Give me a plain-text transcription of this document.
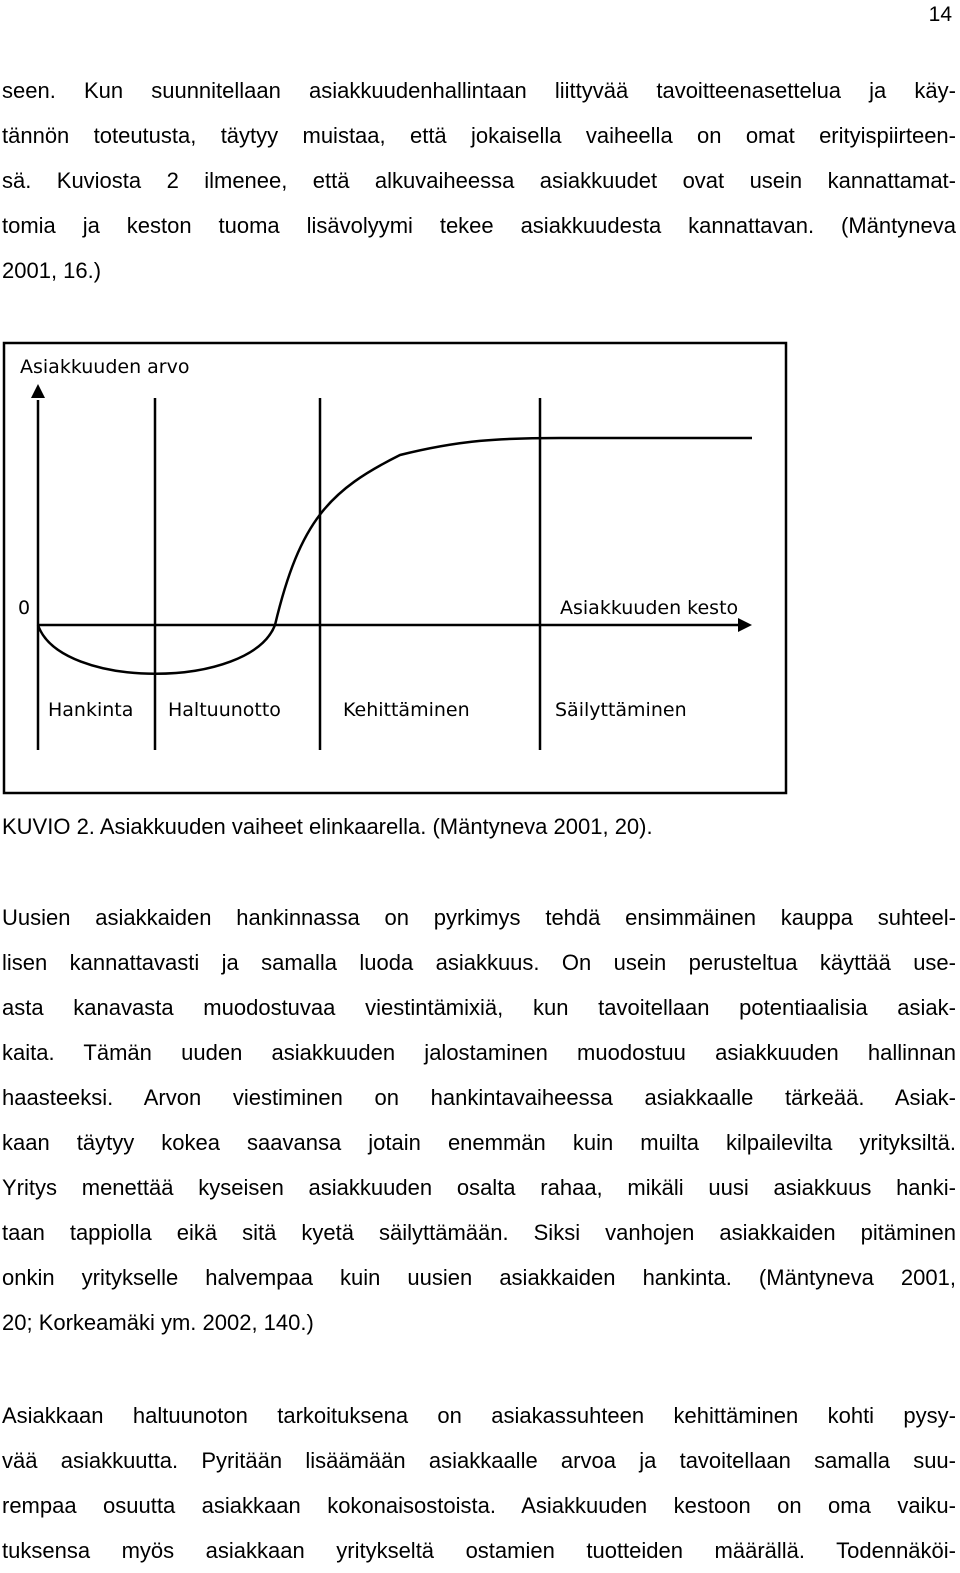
14
seen. Kun suunnitellaan asiakkuudenhallintaan liittyvää tavoitteenasettelua ja käy-
tännön toteutusta, täytyy muistaa, että jokaisella vaiheella on omat erityispiirteen-
sä. Kuviosta 2 ilmenee, että alkuvaiheessa asiakkuudet ovat usein kannattamat-
tomia ja keston tuoma lisävolyymi tekee asiakkuudesta kannattavan. (Mäntyneva
2001, 16.)
Asiakkuuden arvo
0	Asiakkuuden kesto
Hankinta Haltuunotto	Kehittäminen	Säilyttäminen
KUVIO 2. Asiakkuuden vaiheet elinkaarella. (Mäntyneva 2001, 20).
Uusien asiakkaiden hankinnassa on pyrkimys tehdä ensimmäinen kauppa suhteel-
lisen kannattavasti ja samalla luoda asiakkuus. On usein perusteltua käyttää use-
asta kanavasta muodostuvaa viestintämixiä, kun tavoitellaan potentiaalisia asiak-
kaita. Tämän uuden asiakkuuden jalostaminen muodostuu asiakkuuden hallinnan
haasteeksi. Arvon viestiminen on hankintavaiheessa asiakkaalle tärkeää. Asiak-
kaan täytyy kokea saavansa jotain enemmän kuin muilta kilpailevilta yrityksiltä.
Yritys menettää kyseisen asiakkuuden osalta rahaa, mikäli uusi asiakkuus hanki-
taan tappiolla eikä sitä kyetä säilyttämään. Siksi vanhojen asiakkaiden pitäminen
onkin yritykselle halvempaa kuin uusien asiakkaiden hankinta. (Mäntyneva 2001,
20; Korkeamäki ym. 2002, 140.)
Asiakkaan haltuunoton tarkoituksena on asiakassuhteen kehittäminen kohti pysy-
vää asiakkuutta. Pyritään lisäämään asiakkaalle arvoa ja tavoitellaan samalla suu-
rempaa osuutta asiakkaan kokonaisostoista. Asiakkuuden kestoon on oma vaiku-
tuksensa myös asiakkaan yritykseltä ostamien tuotteiden määrällä. Todennäköi-
